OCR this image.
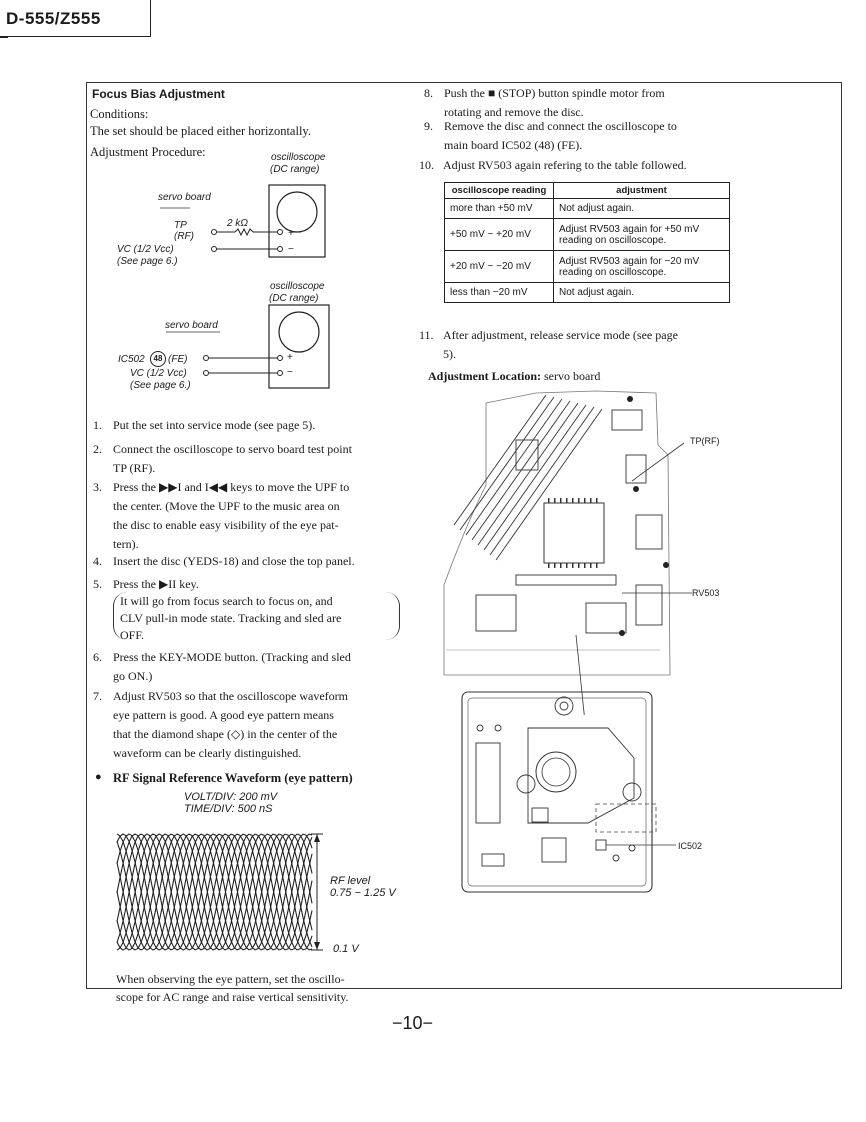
D-555/Z555
Focus Bias Adjustment
Conditions:
The set should be placed either horizontally.
Adjustment Procedure:	oscilloscope
(DC range)
servo board
TP	2 kΩ
(RF)
VC (1/2 Vcc)
(See page 6.)
+
−
oscilloscope
(DC range)
servo board
IC502	48 (FE)
VC (1/2 Vcc)
(See page 6.)
+
−
1. Put the set into service mode (see page 5).
2. Connect the oscilloscope to servo board test point
TP (RF).
3. Press the ▶▶I and I◀◀ keys to move the UPF to
the center. (Move the UPF to the music area on
the disc to enable easy visibility of the eye pat-
tern).
4. Insert the disc (YEDS-18) and close the top panel.
5. Press the ▶II key.
It will go from focus search to focus on, and
CLV pull-in mode state. Tracking and sled are
OFF.
6. Press the KEY-MODE button. (Tracking and sled
go ON.)
7. Adjust RV503 so that the oscilloscope waveform
eye pattern is good. A good eye pattern means
that the diamond shape (◇) in the center of the
waveform can be clearly distinguished.
● RF Signal Reference Waveform (eye pattern)
VOLT/DIV: 200 mV
TIME/DIV: 500 nS
RF level
0.75 − 1.25 V
0.1 V
When observing the eye pattern, set the oscillo-
scope for AC range and raise vertical sensitivity.
8. Push the ■ (STOP) button spindle motor from
rotating and remove the disc.
9. Remove the disc and connect the oscilloscope to
main board IC502 (48) (FE).
10. Adjust RV503 again refering to the table followed.
oscilloscope reading	adjustment
more than +50 mV	Not adjust again.
+50 mV ~ +20 mV	Adjust RV503 again for +50 mV reading on oscilloscope.
+20 mV ~ −20 mV	Adjust RV503 again for −20 mV reading on oscilloscope.
less than −20 mV	Not adjust again.
11. After adjustment, release service mode (see page
5).
Adjustment Location: servo board
TP(RF)
RV503
IC502
−10−
